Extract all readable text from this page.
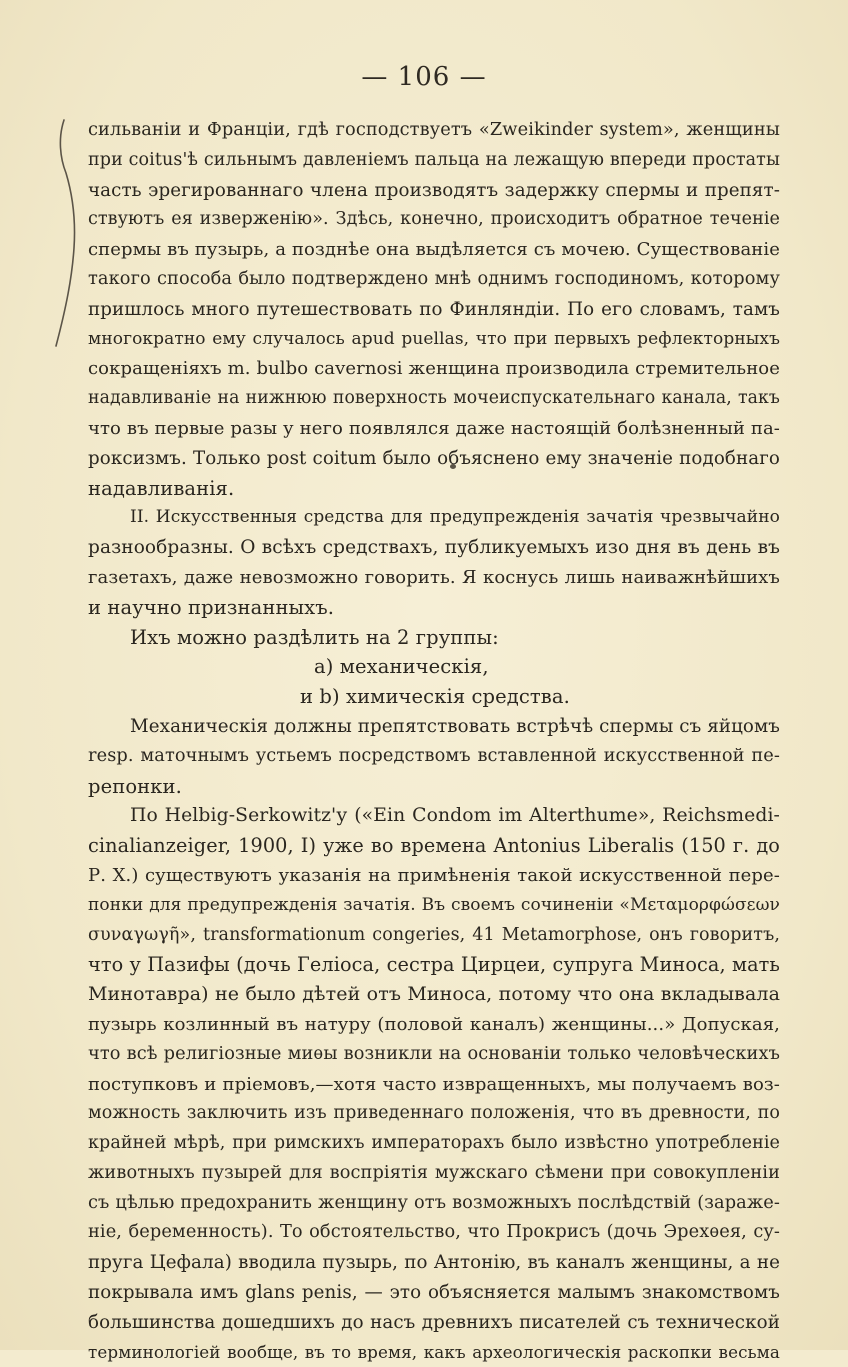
— 106 —
сильваніи и Франціи, гдѣ господствуетъ «Zweikinder system», женщины
при coitus'ѣ сильнымъ давленіемъ пальца на лежащую впереди простаты
часть эрегированнаго члена производятъ задержку спермы и препят-
ствуютъ ея изверженію». Здѣсь, конечно, происходитъ обратное теченіе
спермы въ пузырь, а позднѣе она выдѣляется съ мочею. Существованіе
такого способа было подтверждено мнѣ однимъ господиномъ, которому
пришлось много путешествовать по Финляндіи. По его словамъ, тамъ
многократно ему случалось apud puellas, что при первыхъ рефлекторныхъ
сокращеніяхъ m. bulbo cavernosi женщина производила стремительное
надавливаніе на нижнюю поверхность мочеиспускательнаго канала, такъ
что въ первые разы у него появлялся даже настоящій болѣзненный па-
роксизмъ. Только post coitum было объяснено ему значеніе подобнаго
надавливанія.
II. Искусственныя средства для предупрежденія зачатія чрезвычайно
разнообразны. О всѣхъ средствахъ, публикуемыхъ изо дня въ день въ
газетахъ, даже невозможно говорить. Я коснусь лишь наиважнѣйшихъ
и научно признанныхъ.
Ихъ можно раздѣлить на 2 группы:
а) механическія,
и b) химическія средства.
Механическія должны препятствовать встрѣчѣ спермы съ яйцомъ
resp. маточнымъ устьемъ посредствомъ вставленной искусственной пе-
репонки.
По Helbig-Serkowitz'у («Ein Condom im Alterthume», Reichsmedi-
cinalianzeiger, 1900, I) уже во времена Antonius Liberalis (150 г. до
Р. Х.) существуютъ указанія на примѣненія такой искусственной пере-
понки для предупрежденія зачатія. Въ своемъ сочиненіи «Μεταμορφώσεων
συναγωγῆ», transformationum congeries, 41 Metamorphose, онъ говоритъ,
что у Пазифы (дочь Геліоса, сестра Цирцеи, супруга Миноса, мать
Минотавра) не было дѣтей отъ Миноса, потому что она вкладывала
пузырь козлинный въ натуру (половой каналъ) женщины...» Допуская,
что всѣ религіозные миѳы возникли на основаніи только человѣческихъ
поступковъ и пріемовъ,—хотя часто извращенныхъ, мы получаемъ воз-
можность заключить изъ приведеннаго положенія, что въ древности, по
крайней мѣрѣ, при римскихъ императорахъ было извѣстно употребленіе
животныхъ пузырей для воспріятія мужскаго сѣмени при совокупленіи
съ цѣлью предохранить женщину отъ возможныхъ послѣдствій (зараже-
ніе, беременность). То обстоятельство, что Прокрисъ (дочь Эрехѳея, су-
пруга Цефала) вводила пузырь, по Антонію, въ каналъ женщины, а не
покрывала имъ glans penis, — это объясняется малымъ знакомствомъ
большинства дошедшихъ до насъ древнихъ писателей съ технической
терминологіей вообще, въ то время, какъ археологическія раскопки весьма
